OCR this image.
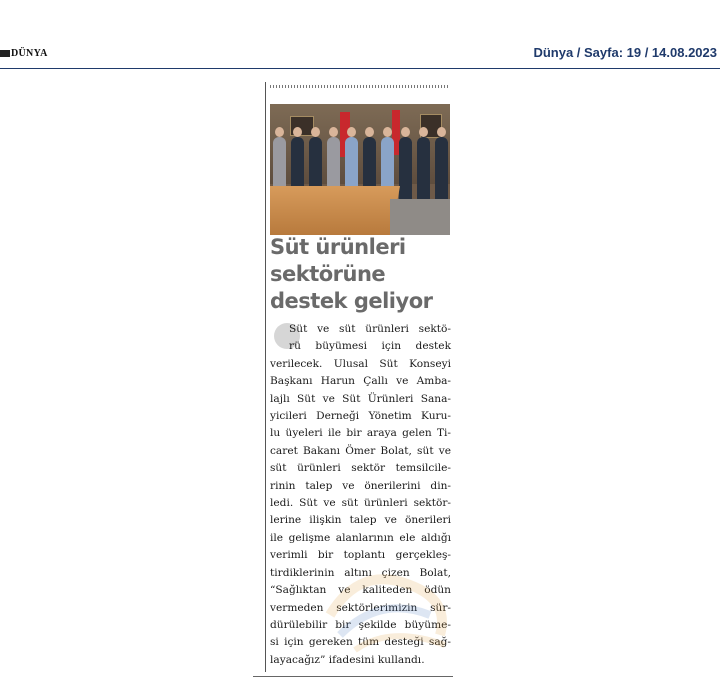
DÜNYA	Dünya / Sayfa: 19 / 14.08.2023
Süt ürünleri
sektörüne
destek geliyor
Süt ve süt ürünleri sektö-
rü büyümesi için destek
verilecek. Ulusal Süt Konseyi
Başkanı Harun Çallı ve Amba-
lajlı Süt ve Süt Ürünleri Sana-
yicileri Derneği Yönetim Kuru-
lu üyeleri ile bir araya gelen Ti-
caret Bakanı Ömer Bolat, süt ve
süt ürünleri sektör temsilcile-
rinin talep ve önerilerini din-
ledi. Süt ve süt ürünleri sektör-
lerine ilişkin talep ve önerileri
ile gelişme alanlarının ele aldığı
verimli bir toplantı gerçekleş-
tirdiklerinin altını çizen Bolat,
“Sağlıktan ve kaliteden ödün
vermeden sektörlerimizin sür-
dürülebilir bir şekilde büyüme-
si için gereken tüm desteği sağ-
layacağız” ifadesini kullandı.
